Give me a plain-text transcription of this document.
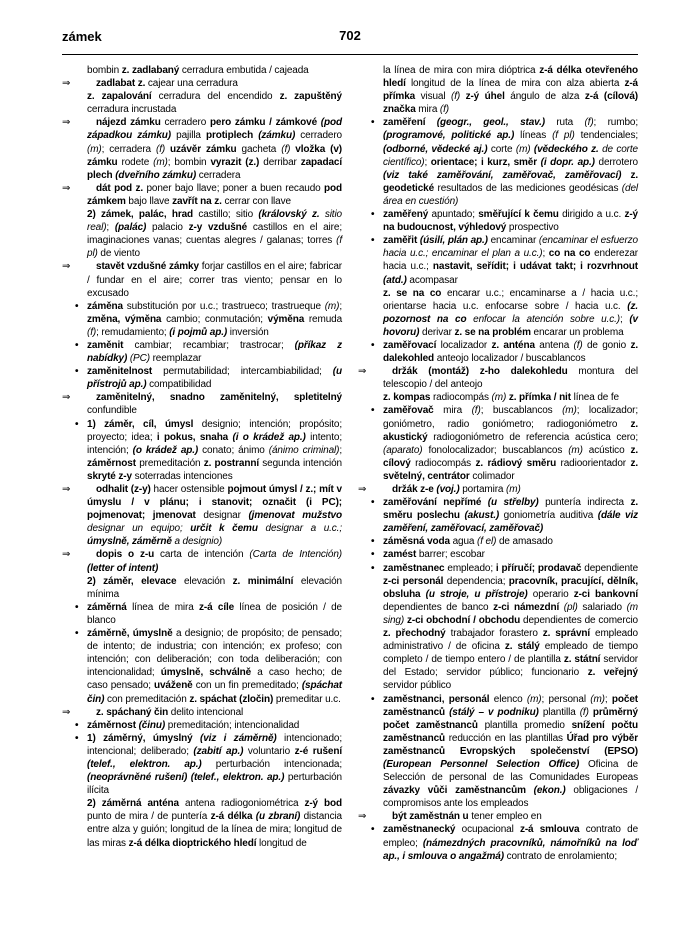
zámek	702

bombin z. zadlabaný cerradura embutida / cajeada

⇒	zadlabat z. cajear una cerradura

z. zapalování cerradura del encendido z. zapuštěný cerradura incrustada

⇒	nájezd zámku cerradero pero zámku / zámkové (pod západkou zámku) pajilla protiplech (zámku) cerradero (m); cerradera (f) uzávěr zámku gacheta (f) vložka (v) zámku rodete (m); bombin vyrazit (z.) derribar zapadací plech (dveřního zámku) cerradera

⇒	dát pod z. poner bajo llave; poner a buen recaudo pod zámkem bajo llave zavřít na z. cerrar con llave

2) zámek, palác, hrad castillo; sitio (královský z. sitio real); (palác) palacio z-y vzdušné castillos en el aire; imaginaciones vanas; cuentas alegres / galanas; torres (f pl) de viento

⇒	stavět vzdušné zámky forjar castillos en el aire; fabricar / fundar en el aire; correr tras viento; pensar en lo excusado

• záměna substitución por u.c.; trastrueco; trastrueque (m); změna, výměna cambio; conmutación; výměna remuda (f); remudamiento; (i pojmů ap.) inversión

• zaměnit cambiar; recambiar; trastrocar; (příkaz z nabídky) (PC) reemplazar

• zaměnitelnost permutabilidad; intercambiabilidad; (u přístrojů ap.) compatibilidad

⇒	zaměnitelný, snadno zaměnitelný, spletitelný confundible

• 1) záměr, cíl, úmysl designio; intención; propósito; proyecto; idea; i pokus, snaha (i o krádež ap.) intento; intención; (o krádež ap.) conato; ánimo (ánimo criminal); záměrnost premeditación z. postranní segunda intención skryté z-y soterradas intenciones

⇒	odhalit (z-y) hacer ostensible pojmout úmysl / z.; mít v úmyslu / v plánu; i stanovit; označit (i PC); pojmenovat; jmenovat designar (jmenovat mužstvo designar un equipo; určit k čemu designar a u.c.; úmyslně, záměrně a designio)

⇒	dopis o z-u carta de intención (Carta de Intención) (letter of intent)

2) záměr, elevace elevación z. minimální elevación mínima

• záměrná línea de mira z-á cíle línea de posición / de blanco

• záměrně, úmyslně a designio; de propósito; de pensado; de intento; de industria; con intención; ex profeso; con intención; con deliberación; con toda deliberación; con intencionalidad; úmyslně, schválně a caso hecho; de caso pensado; uváženě con un fin premeditado; (spáchat čin) con premeditación z. spáchat (zločin) premeditar u.c.

⇒	z. spáchaný čin delito intencional

• záměrnost (činu) premeditación; intencionalidad

• 1) záměrný, úmyslný (viz i záměrně) intencionado; intencional; deliberado; (zabití ap.) voluntario z-é rušení (telef., elektron. ap.) perturbación intencionada; (neoprávněné rušení) (telef., elektron. ap.) perturbación ilícita

2) záměrná anténa antena radiogoniométrica z-ý bod punto de mira / de puntería z-á délka (u zbraní) distancia entre alza y guión; longitud de la línea de mira; longitud de las miras z-á délka dioptrického hledí longitud de

la línea de mira con mira dióptrica z-á délka otevřeného hledí longitud de la línea de mira con alza abierta z-á přímka visual (f) z-ý úhel ángulo de alza z-á (cílová) značka mira (f)

• zaměření (geogr., geol., stav.) ruta (f); rumbo; (programové, politické ap.) líneas (f pl) tendenciales; (odborné, vědecké aj.) corte (m) (vědeckého z. de corte científico); orientace; i kurz, směr (i dopr. ap.) derrotero (viz také zaměřování, zaměřovač, zaměřovací) z. geodetické resultados de las mediciones geodésicas (del área en cuestión)

• zaměřený apuntado; směřující k čemu dirigido a u.c. z-ý na budoucnost, výhledový prospectivo

• zaměřit (úsilí, plán ap.) encaminar (encaminar el esfuerzo hacia u.c.; encaminar el plan a u.c.); co na co enderezar hacia u.c.; nastavit, seřídit; i udávat takt; i rozvrhnout (atd.) acompasar

z. se na co encarar u.c.; encaminarse a / hacia u.c.; orientarse hacia u.c. enfocarse sobre / hacia u.c. (z. pozornost na co enfocar la atención sobre u.c.); (v hovoru) derivar z. se na problém encarar un problema

• zaměřovací localizador z. anténa antena (f) de gonio z. dalekohled anteojo localizador / buscablancos

⇒	držák (montáž) z-ho dalekohledu montura del telescopio / del anteojo

z. kompas radiocompás (m) z. přímka / nit línea de fe

• zaměřovač mira (f); buscablancos (m); localizador; goniómetro, radio goniómetro; radiogoniómetro z. akustický radiogoniómetro de referencia acústica cero; (aparato) fonolocalizador; buscablancos (m) acústico z. cílový radiocompás z. rádiový směru radioorientador z. světelný, centrátor colimador

⇒	držák z-e (voj.) portamira (m)

• zaměřování nepřímé (u střelby) puntería indirecta z. směru poslechu (akust.) goniometría auditiva (dále viz zaměření, zaměřovací, zaměřovač)

• záměsná voda agua (f el) de amasado

• zamést barrer; escobar

• zaměstnanec empleado; i příručí; prodavač dependiente z-ci personál dependencia; pracovník, pracující, dělník, obsluha (u stroje, u přístroje) operario z-ci bankovní dependientes de banco z-ci námezdní (pl) salariado (m sing) z-ci obchodní / obchodu dependientes de comercio z. přechodný trabajador forastero z. správní empleado administrativo / de oficina z. stálý empleado de tiempo completo / de tiempo entero / de plantilla z. státní servidor del Estado; servidor público; funcionario z. veřejný servidor público

• zaměstnanci, personál elenco (m); personal (m); počet zaměstnanců (stálý – v podniku) plantilla (f) průměrný počet zaměstnanců plantilla promedio snížení počtu zaměstnanců reducción en las plantillas Úřad pro výběr zaměstnanců Evropských společenství (EPSO) (European Personnel Selection Office) Oficina de Selección de personal de las Comunidades Europeas závazky vůči zaměstnancům (ekon.) obligaciones / compromisos ante los empleados

⇒	být zaměstnán u tener empleo en

• zaměstnanecký ocupacional z-á smlouva contrato de empleo; (námezdných pracovníků, námořníků na loď ap., i smlouva o angažmá) contrato de enrolamiento;
